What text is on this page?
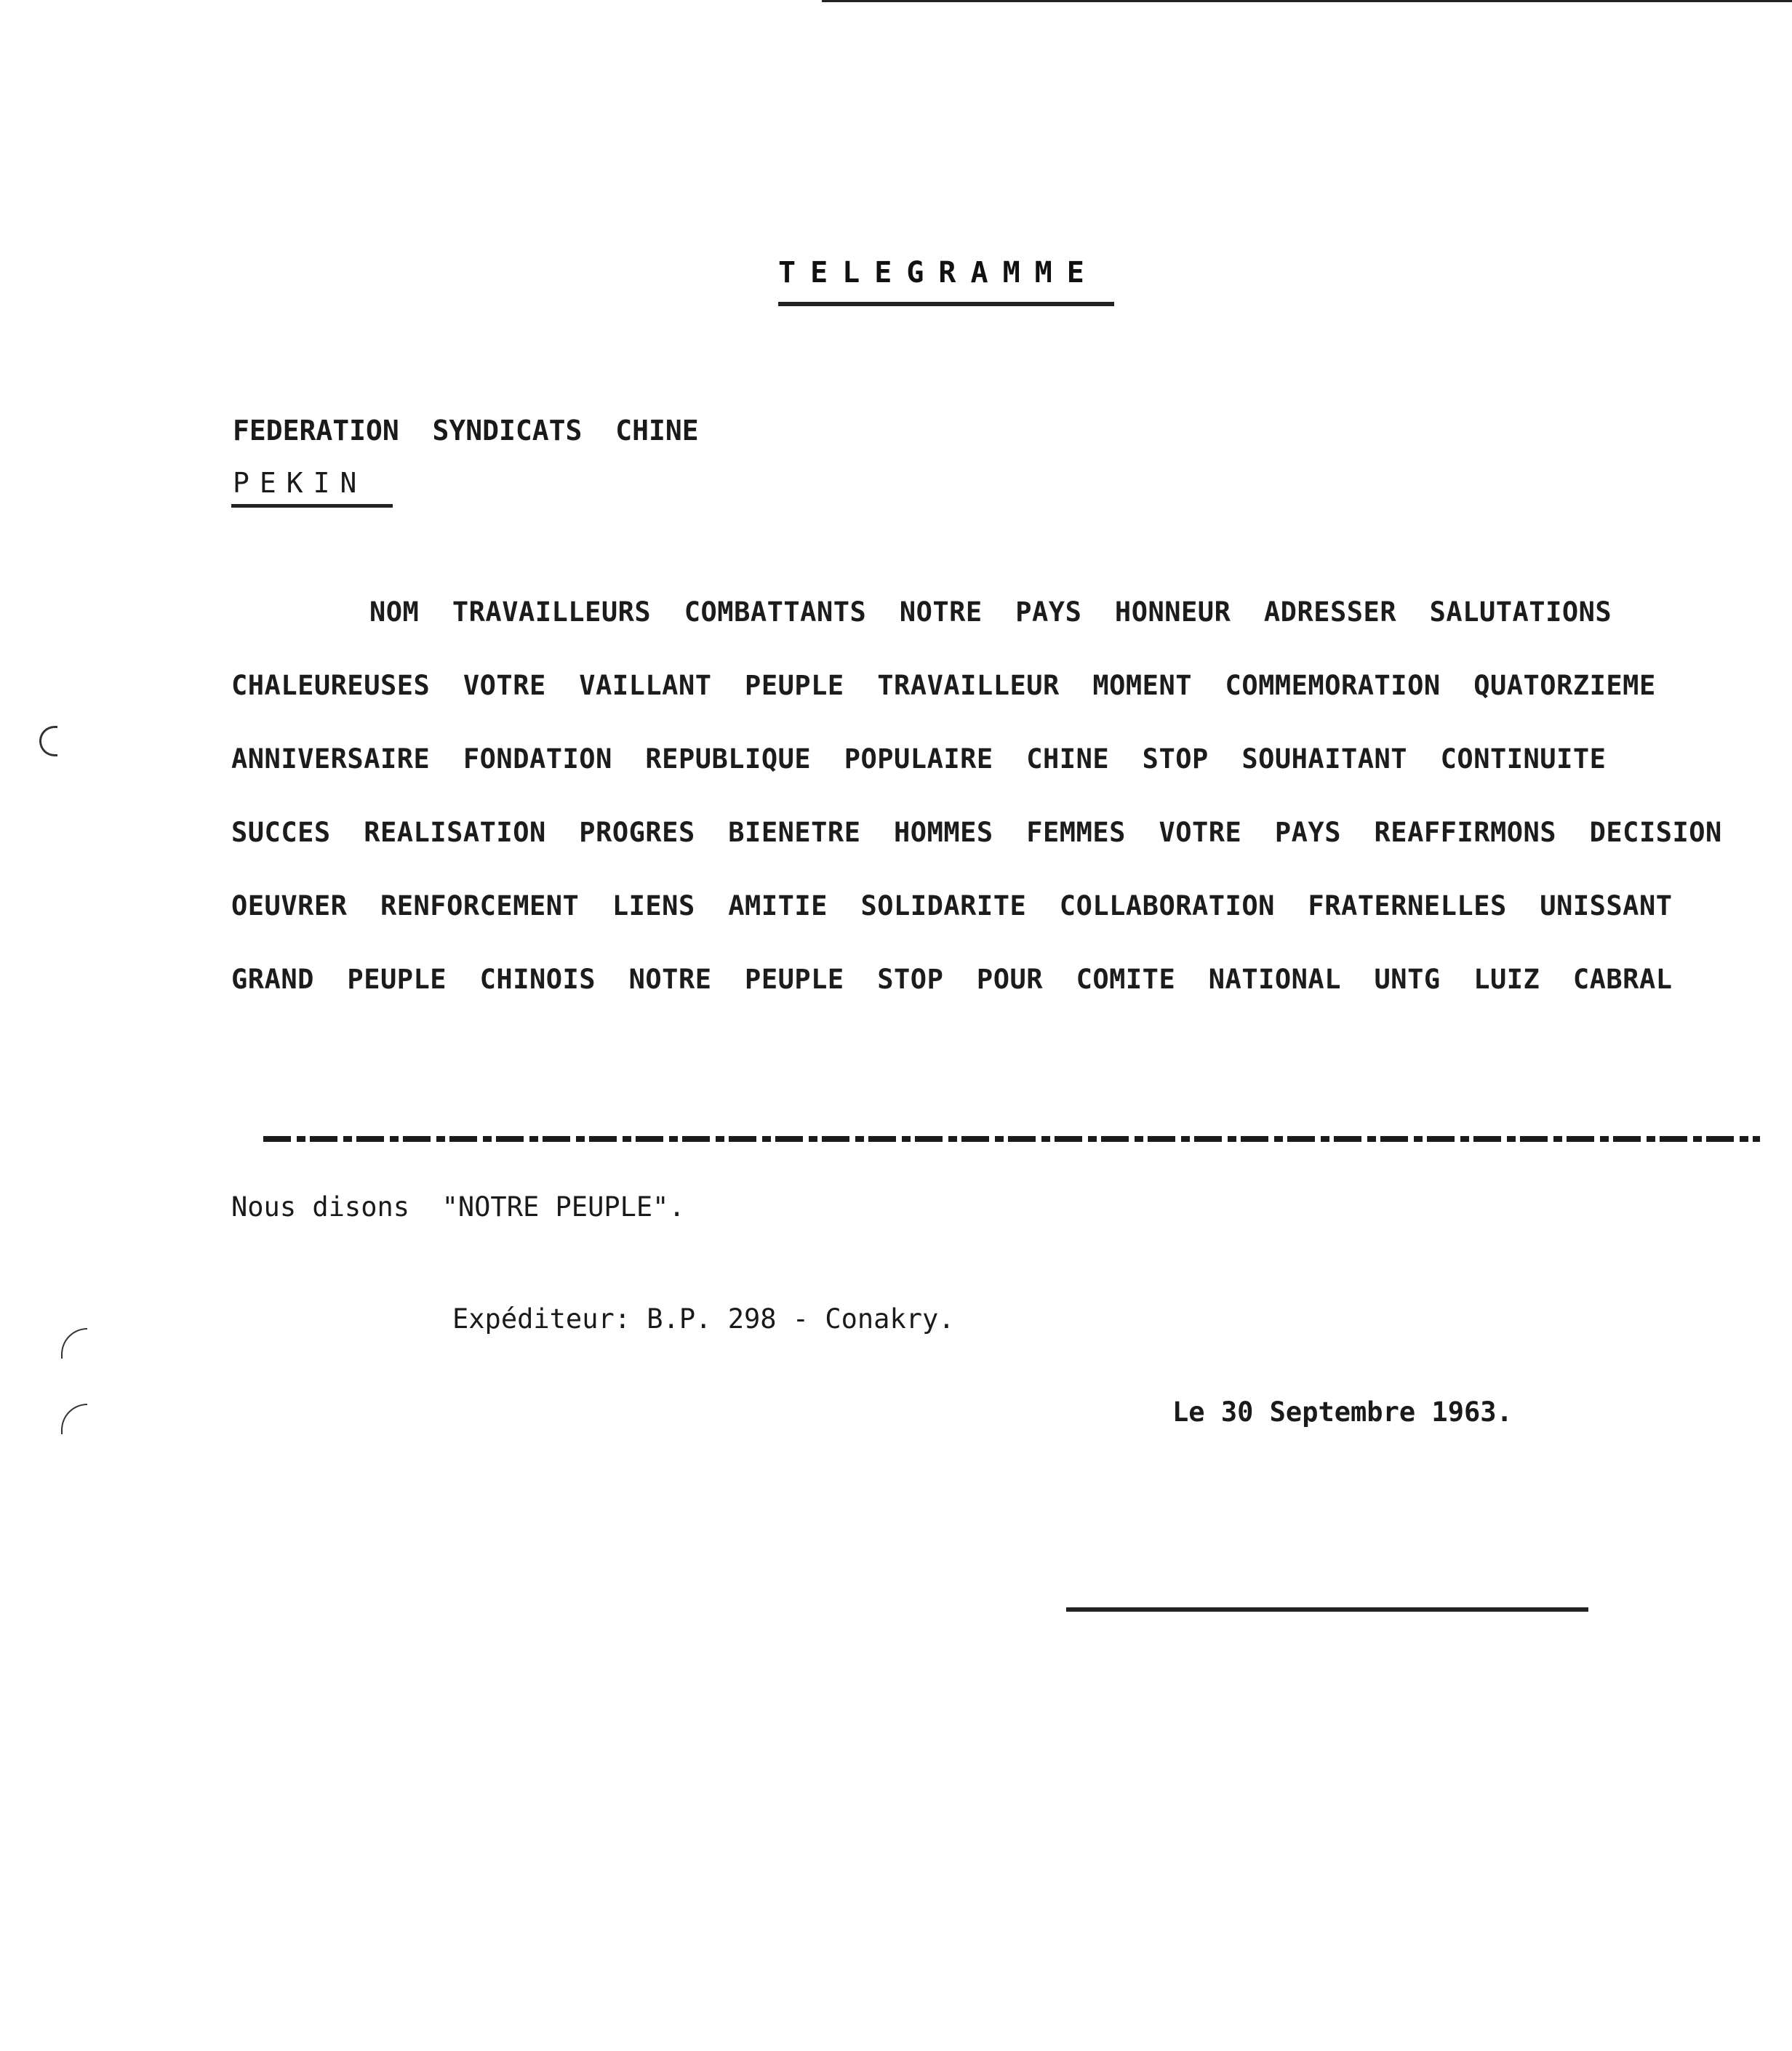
TELEGRAMME
FEDERATION  SYNDICATS  CHINE
PEKIN
NOM  TRAVAILLEURS  COMBATTANTS  NOTRE  PAYS  HONNEUR  ADRESSER  SALUTATIONS
CHALEUREUSES  VOTRE  VAILLANT  PEUPLE  TRAVAILLEUR  MOMENT  COMMEMORATION  QUATORZIEME
ANNIVERSAIRE  FONDATION  REPUBLIQUE  POPULAIRE  CHINE  STOP  SOUHAITANT  CONTINUITE
SUCCES  REALISATION  PROGRES  BIENETRE  HOMMES  FEMMES  VOTRE  PAYS  REAFFIRMONS  DECISION
OEUVRER  RENFORCEMENT  LIENS  AMITIE  SOLIDARITE  COLLABORATION  FRATERNELLES  UNISSANT
GRAND  PEUPLE  CHINOIS  NOTRE  PEUPLE  STOP  POUR  COMITE  NATIONAL  UNTG  LUIZ  CABRAL
Nous disons  "NOTRE PEUPLE".
Expéditeur: B.P. 298 - Conakry.
Le 30 Septembre 1963.
